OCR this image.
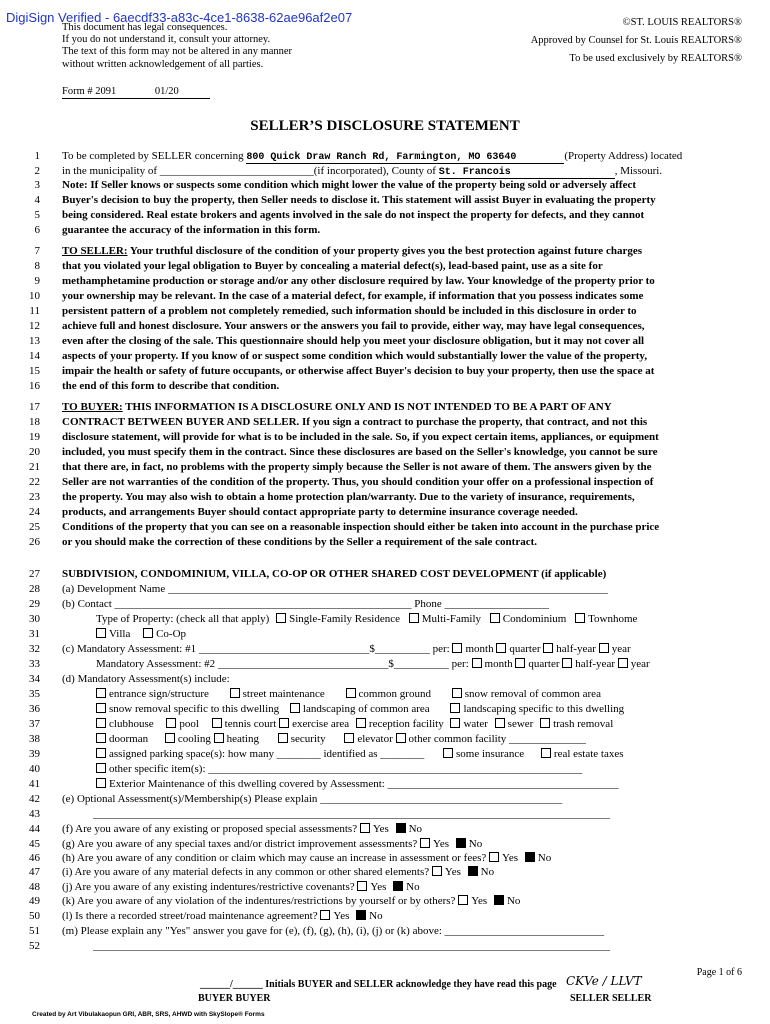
DigiSign Verified - 6aecdf33-a83c-4ce1-8638-62ae96af2e07
This document has legal consequences.
If you do not understand it, consult your attorney.
The text of this form may not be altered in any manner
without written acknowledgement of all parties.
©ST. LOUIS REALTORS®
Approved by Counsel for St. Louis REALTORS®
To be used exclusively by REALTORS®
Form # 2091	01/20
SELLER’S DISCLOSURE STATEMENT
1
2
3
4
5
6
7
8
9
10
11
12
13
14
15
16
17
18
19
20
21
22
23
24
25
26
27
28
29
30
31
32
33
34
35
36
37
38
39
40
41
42
43
44
45
46
47
48
49
50
51
52
To be completed by SELLER concerning 800 Quick Draw Ranch Rd, Farmington, MO 63640	(Property Address) located
in the municipality of ____________________________(if incorporated), County of St. Francois	, Missouri.
Note: If Seller knows or suspects some condition which might lower the value of the property being sold or adversely affect
Buyer's decision to buy the property, then Seller needs to disclose it. This statement will assist Buyer in evaluating the property
being considered. Real estate brokers and agents involved in the sale do not inspect the property for defects, and they cannot
guarantee the accuracy of the information in this form.
TO SELLER: Your truthful disclosure of the condition of your property gives you the best protection against future charges
that you violated your legal obligation to Buyer by concealing a material defect(s), lead-based paint, use as a site for
methamphetamine production or storage and/or any other disclosure required by law. Your knowledge of the property prior to
your ownership may be relevant. In the case of a material defect, for example, if information that you possess indicates some
persistent pattern of a problem not completely remedied, such information should be included in this disclosure in order to
achieve full and honest disclosure. Your answers or the answers you fail to provide, either way, may have legal consequences,
even after the closing of the sale. This questionnaire should help you meet your disclosure obligation, but it may not cover all
aspects of your property. If you know of or suspect some condition which would substantially lower the value of the property,
impair the health or safety of future occupants, or otherwise affect Buyer's decision to buy your property, then use the space at
the end of this form to describe that condition.
TO BUYER: THIS INFORMATION IS A DISCLOSURE ONLY AND IS NOT INTENDED TO BE A PART OF ANY
CONTRACT BETWEEN BUYER AND SELLER. If you sign a contract to purchase the property, that contract, and not this
disclosure statement, will provide for what is to be included in the sale. So, if you expect certain items, appliances, or equipment
included, you must specify them in the contract. Since these disclosures are based on the Seller's knowledge, you cannot be sure
that there are, in fact, no problems with the property simply because the Seller is not aware of them. The answers given by the
Seller are not warranties of the condition of the property. Thus, you should condition your offer on a professional inspection of
the property. You may also wish to obtain a home protection plan/warranty. Due to the variety of insurance, requirements,
products, and arrangements Buyer should contact appropriate party to determine insurance coverage needed.
Conditions of the property that you can see on a reasonable inspection should either be taken into account in the purchase price
or you should make the correction of these conditions by the Seller a requirement of the sale contract.
SUBDIVISION, CONDOMINIUM, VILLA, CO-OP OR OTHER SHARED COST DEVELOPMENT (if applicable)
(a) Development Name ________________________________________________________________________________
(b) Contact ______________________________________________________ Phone ___________________
Type of Property: (check all that apply) Single-Family Residence Multi-Family Condominium Townhome
Villa Co-Op
(c) Mandatory Assessment: #1 _______________________________$__________ per: month quarter half-year year
Mandatory Assessment: #2 _______________________________$__________ per: month quarter half-year year
(d) Mandatory Assessment(s) include:
entrance sign/structure	street maintenance	common ground	snow removal of common area
snow removal specific to this dwelling landscaping of common area	landscaping specific to this dwelling
clubhouse pool tennis court exercise area reception facility water sewer trash removal
doorman	cooling heating	security	elevator other common facility ______________
assigned parking space(s): how many ________ identified as ________	some insurance	real estate taxes
other specific item(s): ____________________________________________________________________
Exterior Maintenance of this dwelling covered by Assessment: __________________________________________
(e) Optional Assessment(s)/Membership(s) Please explain ____________________________________________
______________________________________________________________________________________________
(f) Are you aware of any existing or proposed special assessments? Yes No
(g) Are you aware of any special taxes and/or district improvement assessments? Yes No
(h) Are you aware of any condition or claim which may cause an increase in assessment or fees? Yes No
(i) Are you aware of any material defects in any common or other shared elements? Yes No
(j) Are you aware of any existing indentures/restrictive covenants? Yes No
(k) Are you aware of any violation of the indentures/restrictions by yourself or by others? Yes No
(l) Is there a recorded street/road maintenance agreement? Yes No
(m) Please explain any "Yes" answer you gave for (e), (f), (g), (h), (i), (j) or (k) above: _____________________________
______________________________________________________________________________________________
Page 1 of 6
______/______ Initials BUYER and SELLER acknowledge they have read this page CKVe / LLVT
BUYER BUYER	SELLER SELLER
Created by Art Vibulakaopun GRI, ABR, SRS, AHWD with SkySlope® Forms
